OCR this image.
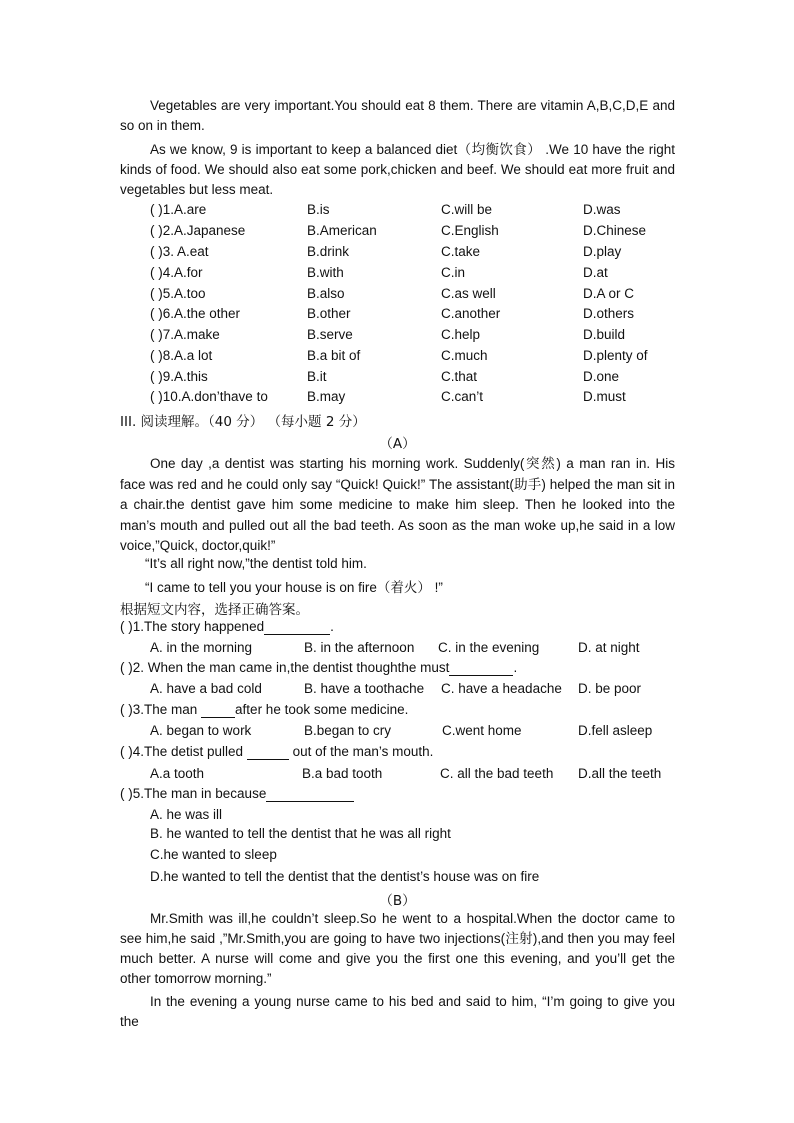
Vegetables are very important.You should eat 8 them. There are vitamin A,B,C,D,E and so on in them.
As we know, 9 is important to keep a balanced diet（均衡饮食） .We 10 have the right kinds of food. We should also eat some pork,chicken and beef. We should eat more fruit and vegetables but less meat.
( )1.A.are	B.is	C.will be	D.was
( )2.A.Japanese	B.American	C.English	D.Chinese
( )3. A.eat	B.drink	C.take	D.play
( )4.A.for	B.with	C.in	D.at
( )5.A.too	B.also	C.as well	D.A or C
( )6.A.the other	B.other	C.another	D.others
( )7.A.make	B.serve	C.help	D.build
( )8.A.a lot	B.a bit of	C.much	D.plenty of
( )9.A.this	B.it	C.that	D.one
( )10.A.don’thave to	B.may	C.can’t	D.must
III. 阅读理解。（40 分） （每小题 2 分）
（A）
One day ,a dentist was starting his morning work. Suddenly(突然) a man ran in. His face was red and he could only say “Quick! Quick!” The assistant(助手) helped the man sit in a chair.the dentist gave him some medicine to make him sleep. Then he looked into the man’s mouth and pulled out all the bad teeth. As soon as the man woke up,he said in a low voice,”Quick, doctor,quik!”
“It’s all right now,”the dentist told him.
“I came to tell you your house is on fire（着火） !”
根据短文内容，选择正确答案。
( )1.The story happened	.
A. in the morning	B. in the afternoon C. in the evening	D. at night
( )2. When the man came in,the dentist thoughthe must	.
A. have a bad cold	B. have a toothache C. have a headache D. be poor
( )3.The man	after he took some medicine.
A. began to work	B.began to cry	C.went home	D.fell asleep
( )4.The detist pulled	out of the man’s mouth.
A.a tooth	B.a bad tooth	C. all the bad teeth D.all the teeth
( )5.The man in because
A. he was ill
B. he wanted to tell the dentist that he was all right
C.he wanted to sleep
D.he wanted to tell the dentist that the dentist’s house was on fire
（B）
Mr.Smith was ill,he couldn’t sleep.So he went to a hospital.When the doctor came to see him,he said ,”Mr.Smith,you are going to have two injections(注射),and then you may feel much better. A nurse will come and give you the first one this evening, and you’ll get the other tomorrow morning.”
In the evening a young nurse came to his bed and said to him, “I’m going to give you the
